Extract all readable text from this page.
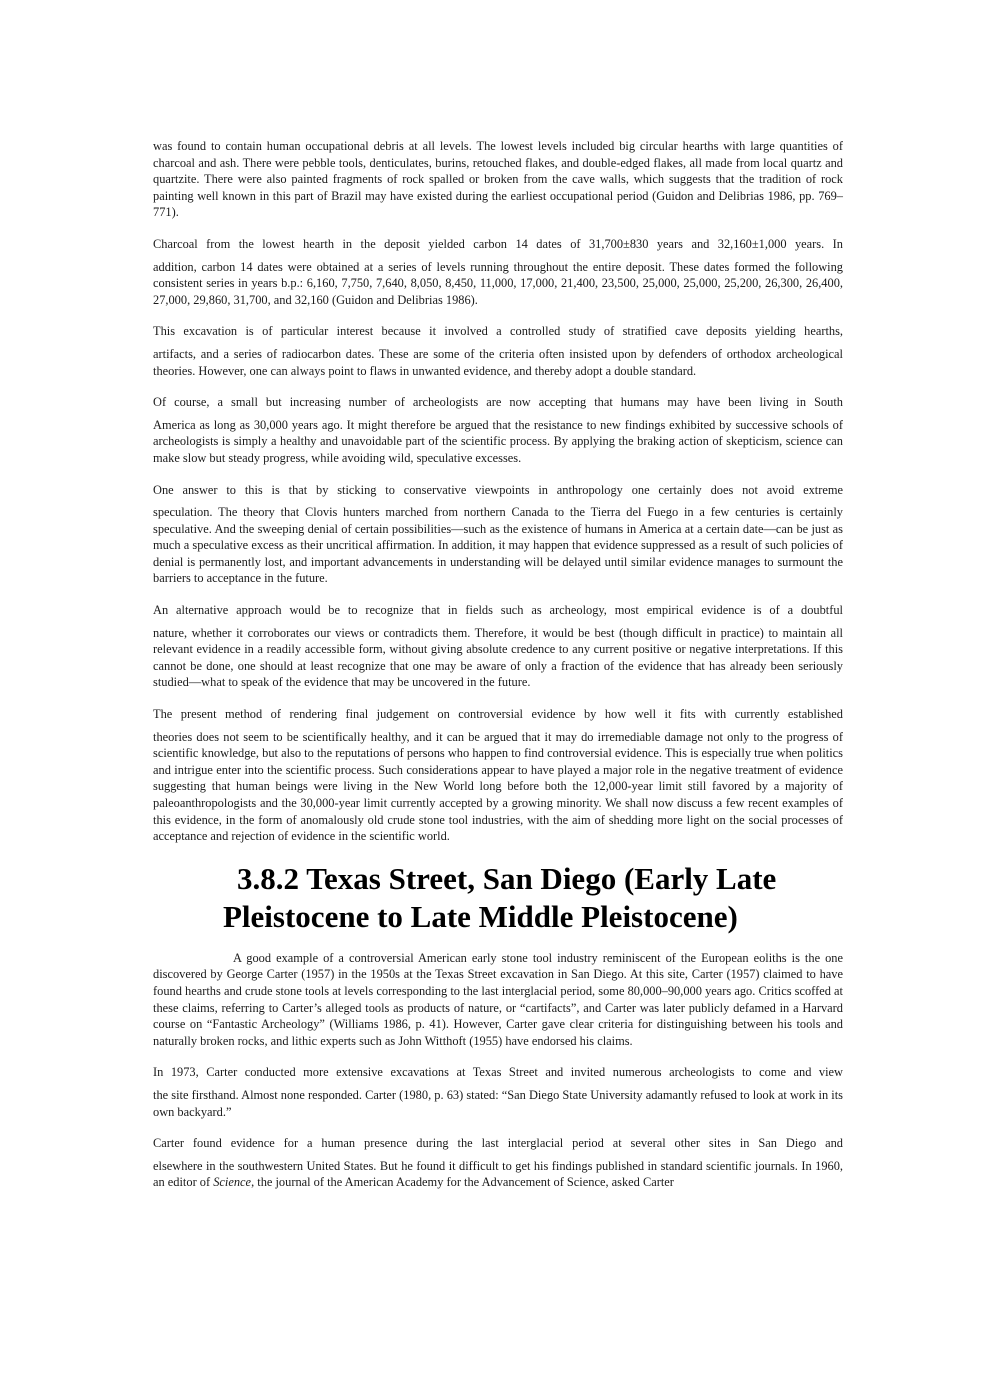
was found to contain human occupational debris at all levels. The lowest levels included big circular hearths with large quantities of charcoal and ash. There were pebble tools, denticulates, burins, retouched flakes, and double-edged flakes, all made from local quartz and quartzite. There were also painted fragments of rock spalled or broken from the cave walls, which suggests that the tradition of rock painting well known in this part of Brazil may have existed during the earliest occupational period (Guidon and Delibrias 1986, pp. 769–771).

Charcoal from the lowest hearth in the deposit yielded carbon 14 dates of 31,700±830 years and 32,160±1,000 years. In
addition, carbon 14 dates were obtained at a series of levels running throughout the entire deposit. These dates formed the following consistent series in years b.p.: 6,160, 7,750, 7,640, 8,050, 8,450, 11,000, 17,000, 21,400, 23,500, 25,000, 25,000, 25,200, 26,300, 26,400, 27,000, 29,860, 31,700, and 32,160 (Guidon and Delibrias 1986).

This excavation is of particular interest because it involved a controlled study of stratified cave deposits yielding hearths,
artifacts, and a series of radiocarbon dates. These are some of the criteria often insisted upon by defenders of orthodox archeological theories. However, one can always point to flaws in unwanted evidence, and thereby adopt a double standard.

Of course, a small but increasing number of archeologists are now accepting that humans may have been living in South
America as long as 30,000 years ago. It might therefore be argued that the resistance to new findings exhibited by successive schools of archeologists is simply a healthy and unavoidable part of the scientific process. By applying the braking action of skepticism, science can make slow but steady progress, while avoiding wild, speculative excesses.

One answer to this is that by sticking to conservative viewpoints in anthropology one certainly does not avoid extreme
speculation. The theory that Clovis hunters marched from northern Canada to the Tierra del Fuego in a few centuries is certainly speculative. And the sweeping denial of certain possibilities—such as the existence of humans in America at a certain date—can be just as much a speculative excess as their uncritical affirmation. In addition, it may happen that evidence suppressed as a result of such policies of denial is permanently lost, and important advancements in understanding will be delayed until similar evidence manages to surmount the barriers to acceptance in the future.

An alternative approach would be to recognize that in fields such as archeology, most empirical evidence is of a doubtful
nature, whether it corroborates our views or contradicts them. Therefore, it would be best (though difficult in practice) to maintain all relevant evidence in a readily accessible form, without giving absolute credence to any current positive or negative interpretations. If this cannot be done, one should at least recognize that one may be aware of only a fraction of the evidence that has already been seriously studied—what to speak of the evidence that may be uncovered in the future.

The present method of rendering final judgement on controversial evidence by how well it fits with currently established
theories does not seem to be scientifically healthy, and it can be argued that it may do irremediable damage not only to the progress of scientific knowledge, but also to the reputations of persons who happen to find controversial evidence. This is especially true when politics and intrigue enter into the scientific process. Such considerations appear to have played a major role in the negative treatment of evidence suggesting that human beings were living in the New World long before both the 12,000-year limit still favored by a majority of paleoanthropologists and the 30,000-year limit currently accepted by a growing minority. We shall now discuss a few recent examples of this evidence, in the form of anomalously old crude stone tool industries, with the aim of shedding more light on the social processes of acceptance and rejection of evidence in the scientific world.

3.8.2 Texas Street, San Diego (Early Late
Pleistocene to Late Middle Pleistocene)

A good example of a controversial American early stone tool industry reminiscent of the European eoliths is the one discovered by George Carter (1957) in the 1950s at the Texas Street excavation in San Diego. At this site, Carter (1957) claimed to have found hearths and crude stone tools at levels corresponding to the last interglacial period, some 80,000–90,000 years ago. Critics scoffed at these claims, referring to Carter’s alleged tools as products of nature, or “cartifacts”, and Carter was later publicly defamed in a Harvard course on “Fantastic Archeology” (Williams 1986, p. 41). However, Carter gave clear criteria for distinguishing between his tools and naturally broken rocks, and lithic experts such as John Witthoft (1955) have endorsed his claims.

In 1973, Carter conducted more extensive excavations at Texas Street and invited numerous archeologists to come and view
the site firsthand. Almost none responded. Carter (1980, p. 63) stated: “San Diego State University adamantly refused to look at work in its own backyard.”

Carter found evidence for a human presence during the last interglacial period at several other sites in San Diego and
elsewhere in the southwestern United States. But he found it difficult to get his findings published in standard scientific journals. In 1960, an editor of Science, the journal of the American Academy for the Advancement of Science, asked Carter
